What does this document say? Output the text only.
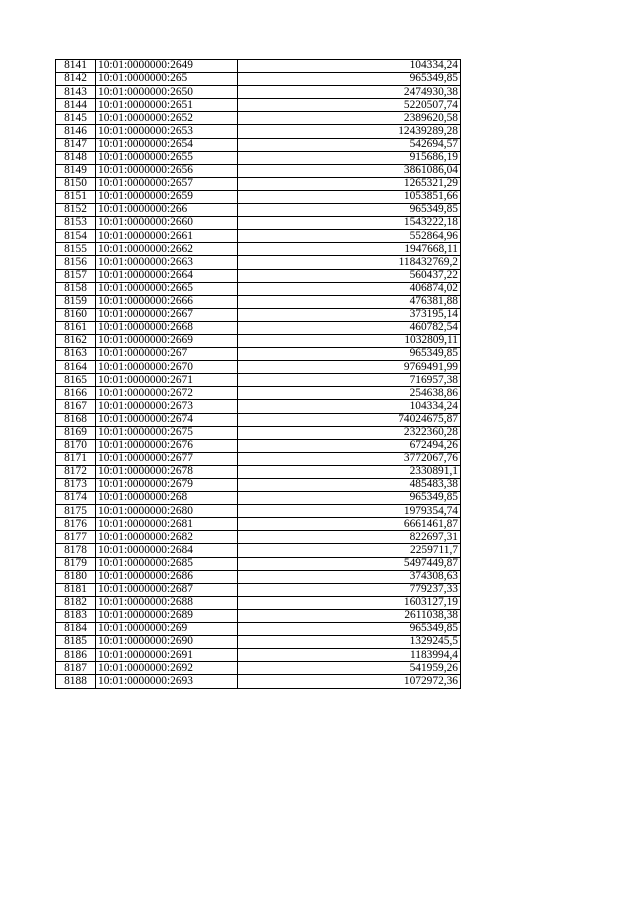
8141	10:01:0000000:2649	104334,24
8142	10:01:0000000:265	965349,85
8143	10:01:0000000:2650	2474930,38
8144	10:01:0000000:2651	5220507,74
8145	10:01:0000000:2652	2389620,58
8146	10:01:0000000:2653	12439289,28
8147	10:01:0000000:2654	542694,57
8148	10:01:0000000:2655	915686,19
8149	10:01:0000000:2656	3861086,04
8150	10:01:0000000:2657	1265321,29
8151	10:01:0000000:2659	1053851,66
8152	10:01:0000000:266	965349,85
8153	10:01:0000000:2660	1543222,18
8154	10:01:0000000:2661	552864,96
8155	10:01:0000000:2662	1947668,11
8156	10:01:0000000:2663	118432769,2
8157	10:01:0000000:2664	560437,22
8158	10:01:0000000:2665	406874,02
8159	10:01:0000000:2666	476381,88
8160	10:01:0000000:2667	373195,14
8161	10:01:0000000:2668	460782,54
8162	10:01:0000000:2669	1032809,11
8163	10:01:0000000:267	965349,85
8164	10:01:0000000:2670	9769491,99
8165	10:01:0000000:2671	716957,38
8166	10:01:0000000:2672	254638,86
8167	10:01:0000000:2673	104334,24
8168	10:01:0000000:2674	74024675,87
8169	10:01:0000000:2675	2322360,28
8170	10:01:0000000:2676	672494,26
8171	10:01:0000000:2677	3772067,76
8172	10:01:0000000:2678	2330891,1
8173	10:01:0000000:2679	485483,38
8174	10:01:0000000:268	965349,85
8175	10:01:0000000:2680	1979354,74
8176	10:01:0000000:2681	6661461,87
8177	10:01:0000000:2682	822697,31
8178	10:01:0000000:2684	2259711,7
8179	10:01:0000000:2685	5497449,87
8180	10:01:0000000:2686	374308,63
8181	10:01:0000000:2687	779237,33
8182	10:01:0000000:2688	1603127,19
8183	10:01:0000000:2689	2611038,38
8184	10:01:0000000:269	965349,85
8185	10:01:0000000:2690	1329245,5
8186	10:01:0000000:2691	1183994,4
8187	10:01:0000000:2692	541959,26
8188	10:01:0000000:2693	1072972,36
